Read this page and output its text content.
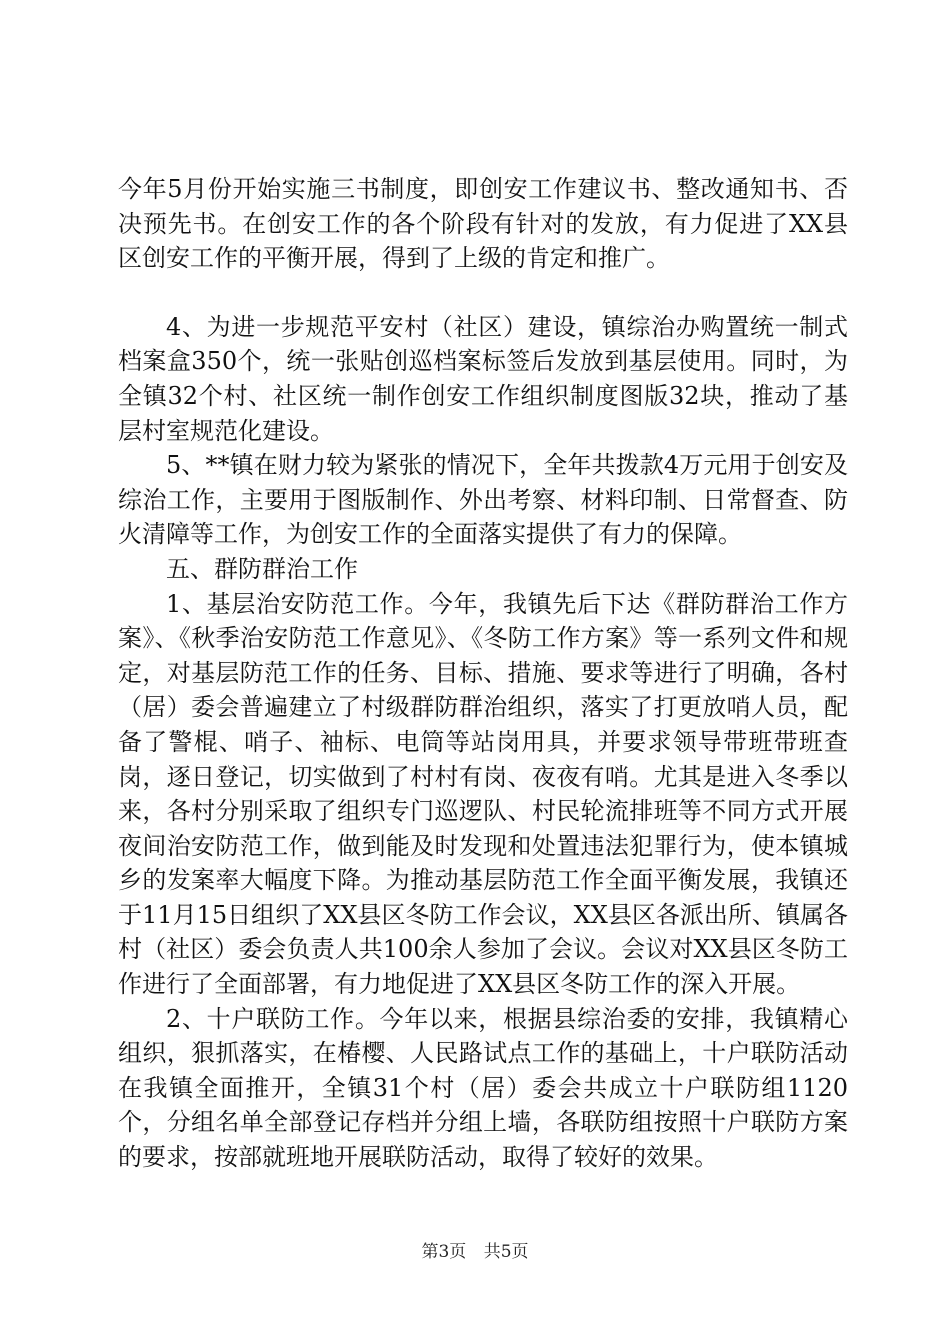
今年5月份开始实施三书制度，即创安工作建议书、整改通知书、否决预先书。在创安工作的各个阶段有针对的发放，有力促进了XX县区创安工作的平衡开展，得到了上级的肯定和推广。

4、为进一步规范平安村（社区）建设，镇综治办购置统一制式档案盒350个，统一张贴创巡档案标签后发放到基层使用。同时，为全镇32个村、社区统一制作创安工作组织制度图版32块，推动了基层村室规范化建设。

5、**镇在财力较为紧张的情况下，全年共拨款4万元用于创安及综治工作，主要用于图版制作、外出考察、材料印制、日常督查、防火清障等工作，为创安工作的全面落实提供了有力的保障。

五、群防群治工作

1、基层治安防范工作。今年，我镇先后下达《群防群治工作方案》、《秋季治安防范工作意见》、《冬防工作方案》等一系列文件和规定，对基层防范工作的任务、目标、措施、要求等进行了明确，各村（居）委会普遍建立了村级群防群治组织，落实了打更放哨人员，配备了警棍、哨子、袖标、电筒等站岗用具，并要求领导带班带班查岗，逐日登记，切实做到了村村有岗、夜夜有哨。尤其是进入冬季以来，各村分别采取了组织专门巡逻队、村民轮流排班等不同方式开展夜间治安防范工作，做到能及时发现和处置违法犯罪行为，使本镇城乡的发案率大幅度下降。为推动基层防范工作全面平衡发展，我镇还于11月15日组织了XX县区冬防工作会议，XX县区各派出所、镇属各村（社区）委会负责人共100余人参加了会议。会议对XX县区冬防工作进行了全面部署，有力地促进了XX县区冬防工作的深入开展。

2、十户联防工作。今年以来，根据县综治委的安排，我镇精心组织，狠抓落实，在椿樱、人民路试点工作的基础上，十户联防活动在我镇全面推开，全镇31个村（居）委会共成立十户联防组1120个，分组名单全部登记存档并分组上墙，各联防组按照十户联防方案的要求，按部就班地开展联防活动，取得了较好的效果。

第3页 共5页
